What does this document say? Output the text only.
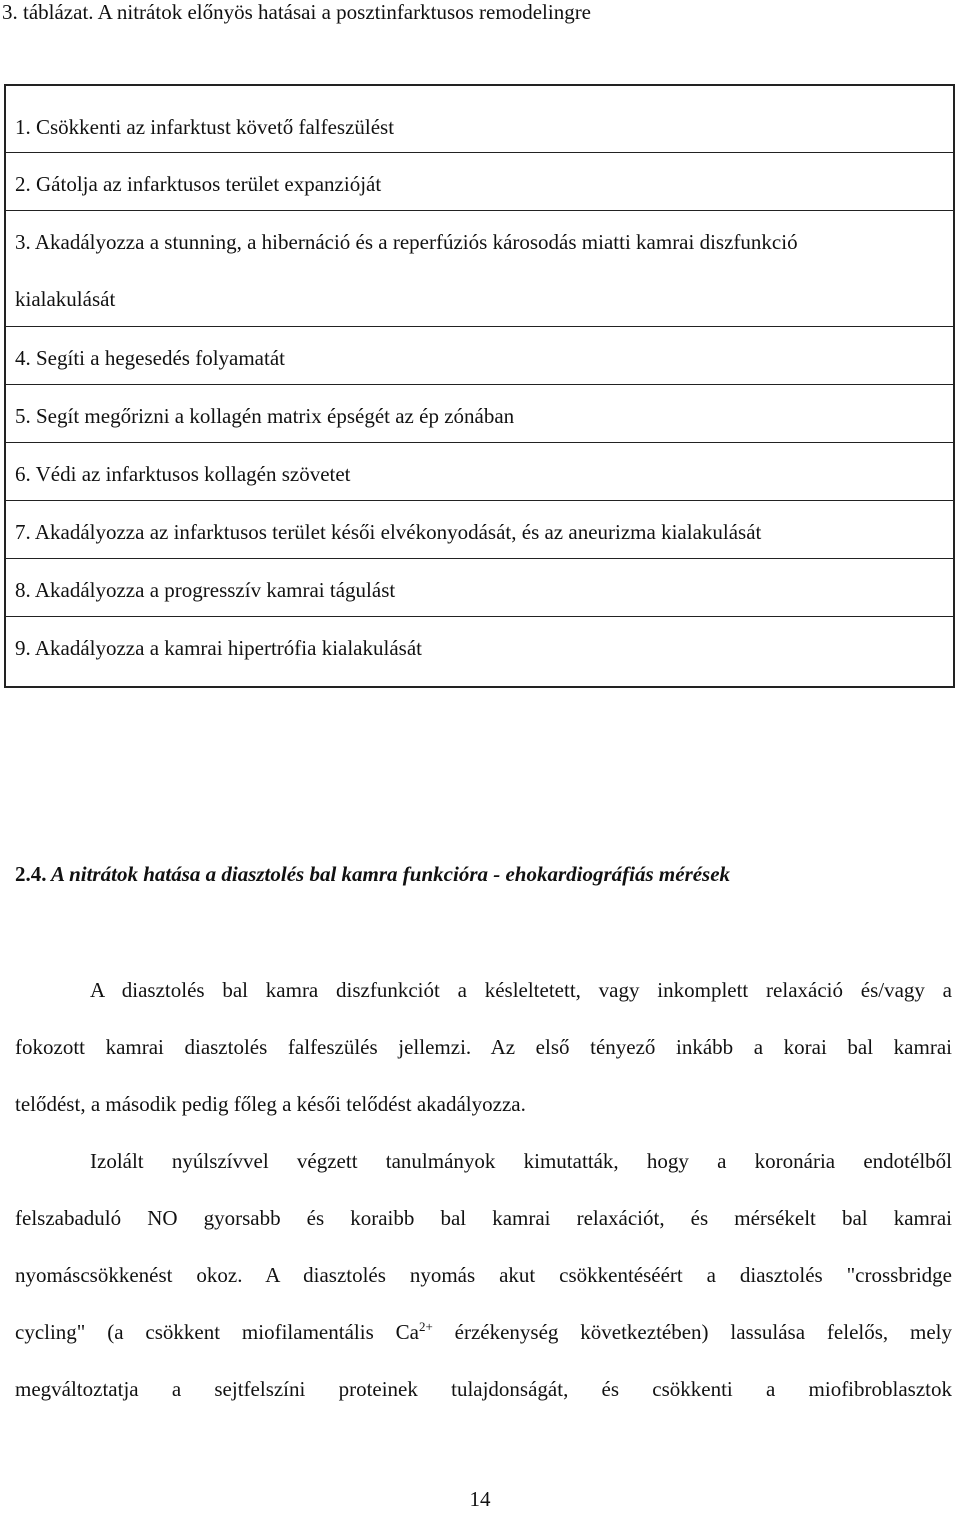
3. táblázat. A nitrátok előnyös hatásai a posztinfarktusos remodelingre
1. Csökkenti az infarktust követő falfeszülést
2. Gátolja az infarktusos terület expanzióját
3. Akadályozza a stunning, a hibernáció és a reperfúziós károsodás miatti kamrai diszfunkció
kialakulását
4. Segíti a hegesedés folyamatát
5. Segít megőrizni a kollagén matrix épségét az ép zónában
6. Védi az infarktusos kollagén szövetet
7. Akadályozza az infarktusos terület késői elvékonyodását, és az aneurizma kialakulását
8. Akadályozza a progresszív kamrai tágulást
9. Akadályozza a kamrai hipertrófia kialakulását
2.4. A nitrátok hatása a diasztolés bal kamra funkcióra - ehokardiográfiás mérések
A diasztolés bal kamra diszfunkciót a késleltetett, vagy inkomplett relaxáció és/vagy a
fokozott kamrai diasztolés falfeszülés jellemzi. Az első tényező inkább a korai bal kamrai
telődést, a második pedig főleg a késői telődést akadályozza.
Izolált nyúlszívvel végzett tanulmányok kimutatták, hogy a koronária endotélből
felszabaduló NO gyorsabb és koraibb bal kamrai relaxációt, és mérsékelt bal kamrai
nyomáscsökkenést okoz. A diasztolés nyomás akut csökkentéséért a diasztolés "crossbridge
cycling" (a csökkent miofilamentális $Ca^{2+}$ érzékenység következtében) lassulása felelős, mely
megváltoztatja a sejtfelszíni proteinek tulajdonságát, és csökkenti a miofibroblasztok
14
